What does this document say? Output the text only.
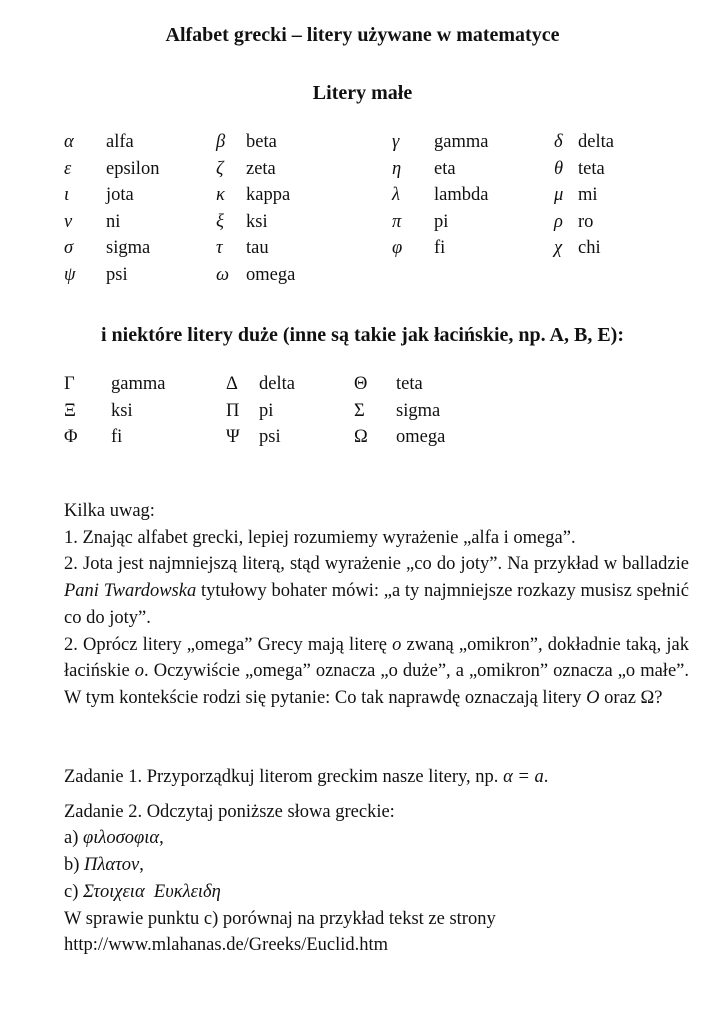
Alfabet grecki – litery używane w matematyce
Litery małe
α	alfa	β	beta	γ	gamma	δ delta
ε	epsilon	ζ	zeta	η	eta	θ teta
ι	jota	κ	kappa	λ	lambda	μ mi
ν	ni	ξ	ksi	π	pi	ρ ro
σ	sigma	τ	tau	φ	fi	χ chi
ψ	psi	ω omega
i niektóre litery duże (inne są takie jak łacińskie, np. A, B, E):
Γ	gamma	Δ	delta	Θ	teta
Ξ	ksi	Π	pi	Σ	sigma
Φ	fi	Ψ	psi	Ω	omega

Kilka uwag:

1. Znając alfabet grecki, lepiej rozumiemy wyrażenie „alfa i omega”.

2. Jota jest najmniejszą literą, stąd wyrażenie „co do joty”. Na przykład w balladzie Pani Twardowska tytułowy bohater mówi: „a ty najmniejsze rozkazy musisz spełnić co do joty”.

2. Oprócz litery „omega” Grecy mają literę o zwaną „omikron”, dokładnie taką, jak łacińskie o. Oczywiście „omega” oznacza „o duże”, a „omikron” oznacza „o małe”. W tym kontekście rodzi się pytanie: Co tak naprawdę oznaczają litery O oraz Ω?

Zadanie 1. Przyporządkuj literom greckim nasze litery, np. α = a.

Zadanie 2. Odczytaj poniższe słowa greckie:

a) φιλοσοφια,

b) Πλατον,

c) Στοιχεια  Ευκλειδη

W sprawie punktu c) porównaj na przykład tekst ze strony

http://www.mlahanas.de/Greeks/Euclid.htm
